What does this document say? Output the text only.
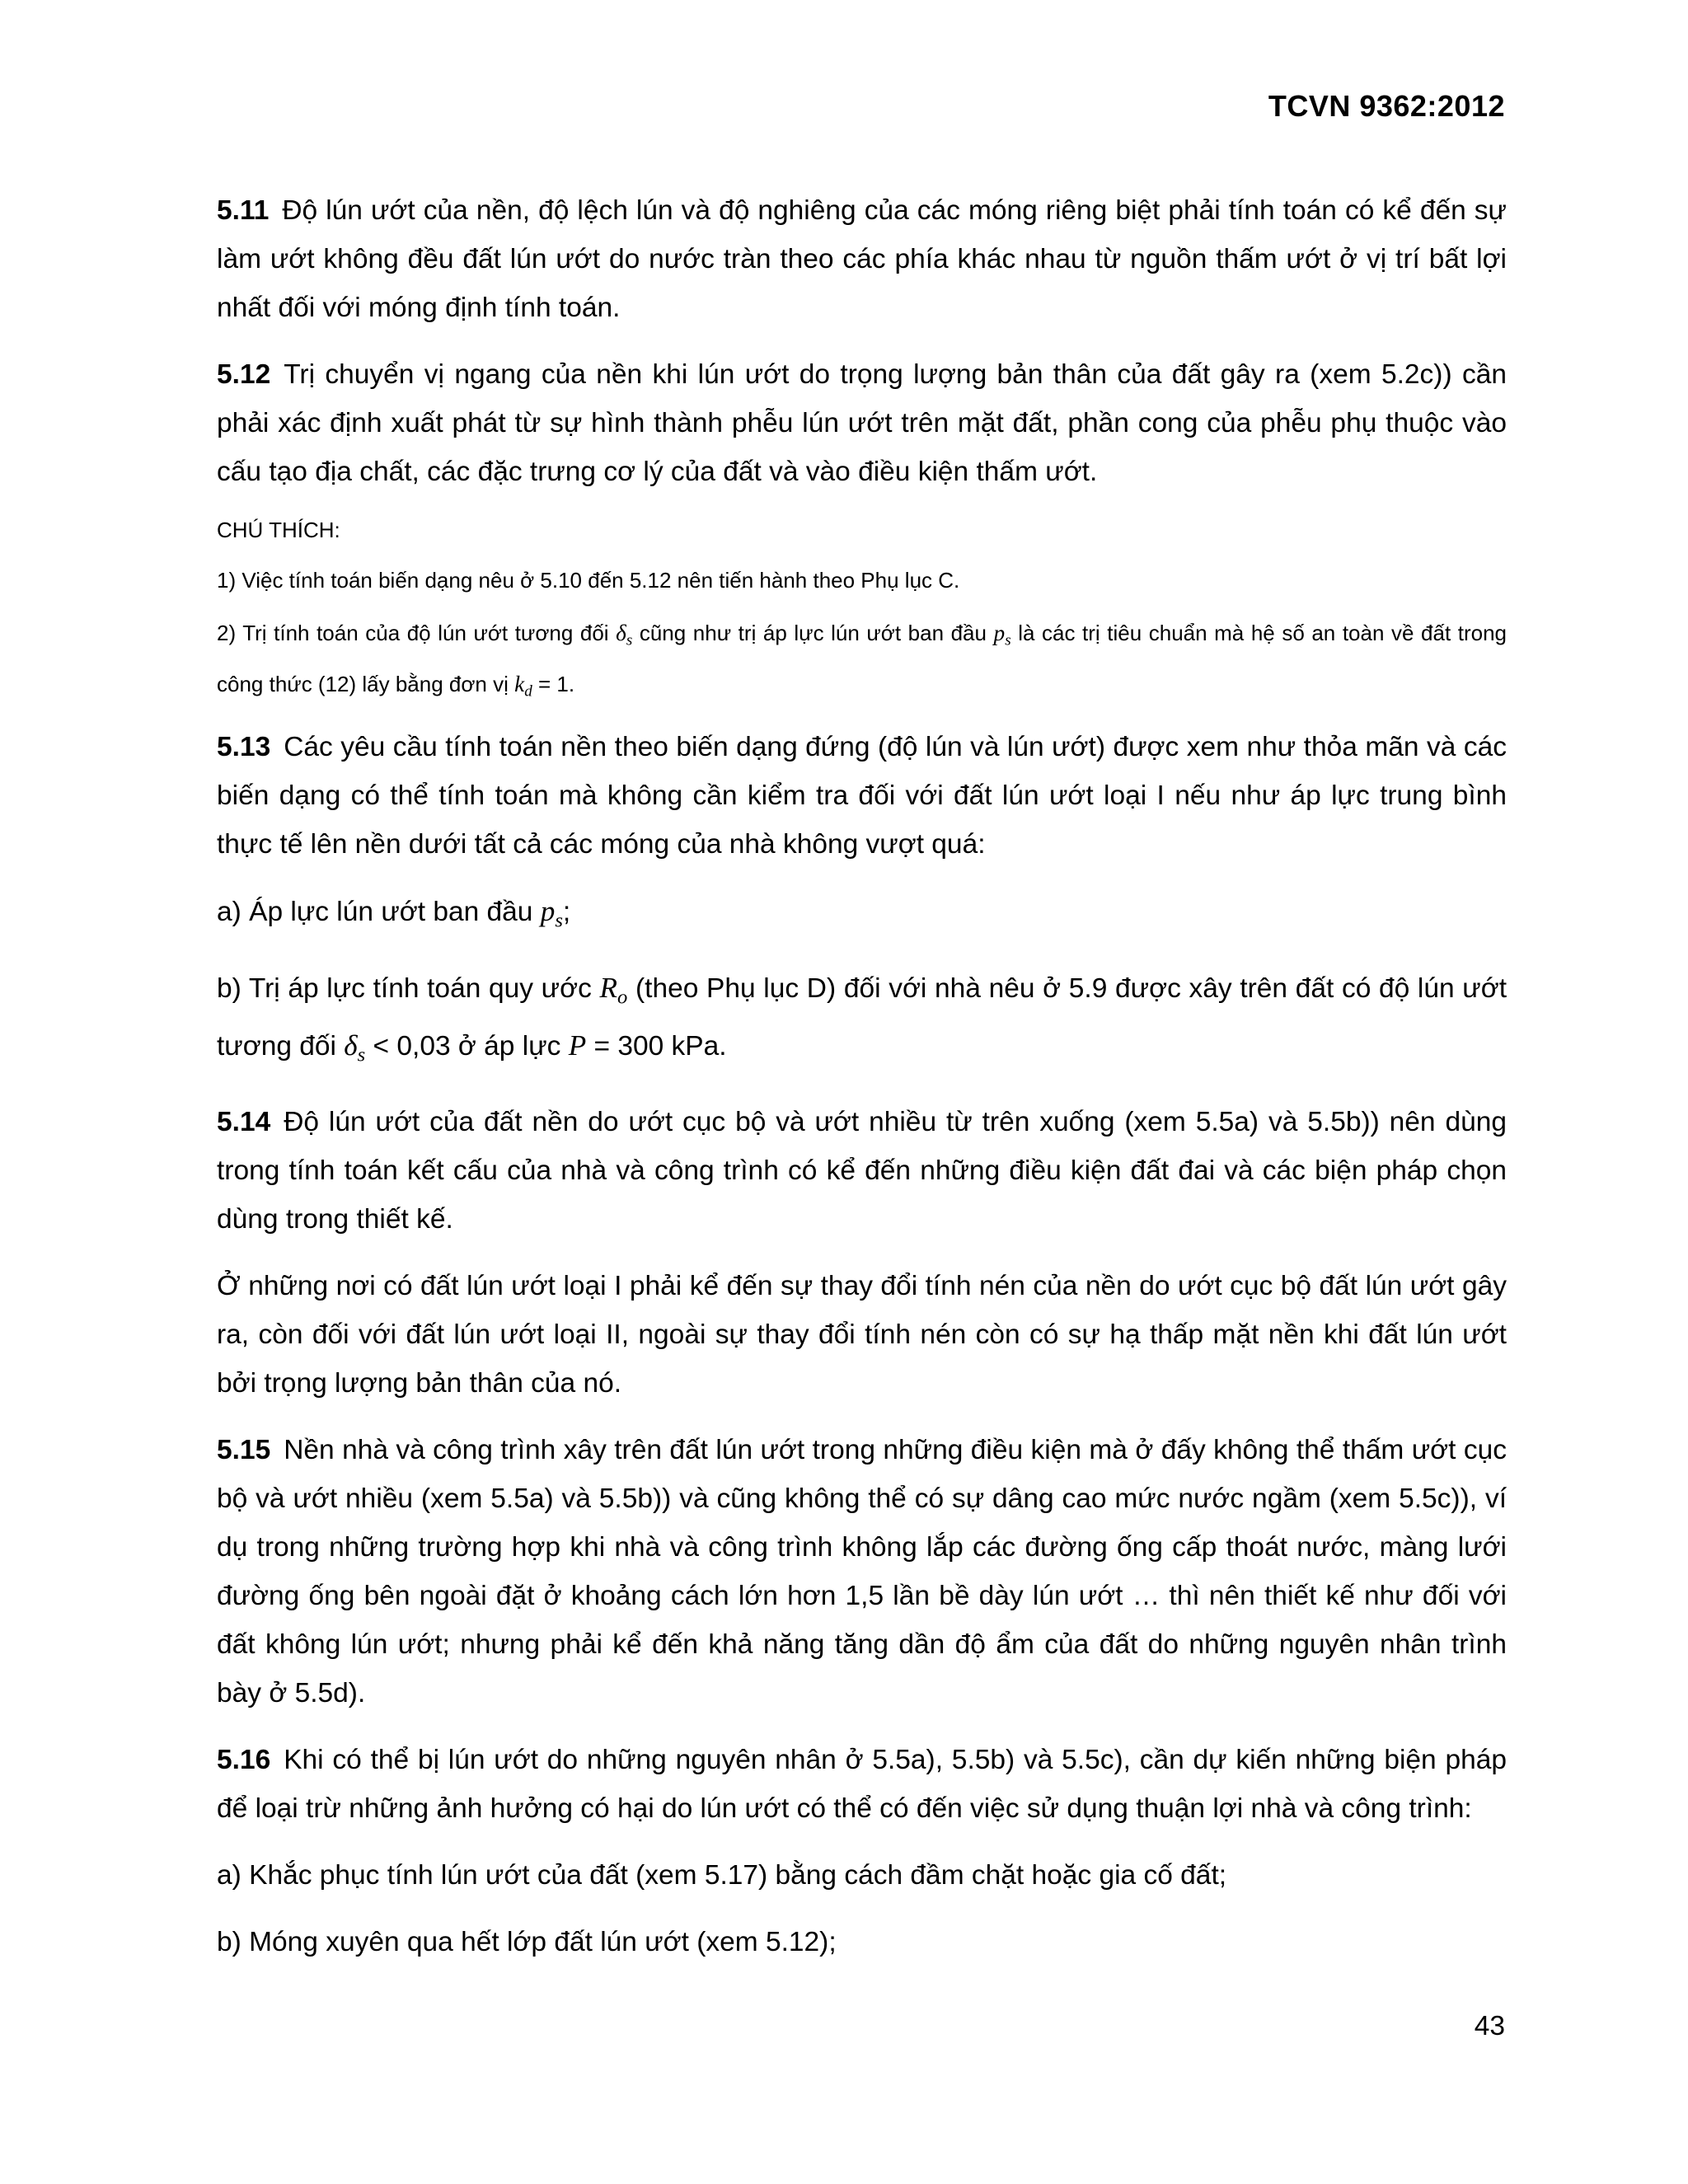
TCVN 9362:2012

5.11 Độ lún ướt của nền, độ lệch lún và độ nghiêng của các móng riêng biệt phải tính toán có kể đến sự làm ướt không đều đất lún ướt do nước tràn theo các phía khác nhau từ nguồn thấm ướt ở vị trí bất lợi nhất đối với móng định tính toán.

5.12 Trị chuyển vị ngang của nền khi lún ướt do trọng lượng bản thân của đất gây ra (xem 5.2c)) cần phải xác định xuất phát từ sự hình thành phễu lún ướt trên mặt đất, phần cong của phễu phụ thuộc vào cấu tạo địa chất, các đặc trưng cơ lý của đất và vào điều kiện thấm ướt.

CHÚ THÍCH:

1) Việc tính toán biến dạng nêu ở 5.10 đến 5.12 nên tiến hành theo Phụ lục C.

2) Trị tính toán của độ lún ướt tương đối $\delta_s$ cũng như trị áp lực lún ướt ban đầu $p_s$ là các trị tiêu chuẩn mà hệ số an toàn về đất trong công thức (12) lấy bằng đơn vị $k_d = 1$.

5.13 Các yêu cầu tính toán nền theo biến dạng đứng (độ lún và lún ướt) được xem như thỏa mãn và các biến dạng có thể tính toán mà không cần kiểm tra đối với đất lún ướt loại I nếu như áp lực trung bình thực tế lên nền dưới tất cả các móng của nhà không vượt quá:

a) Áp lực lún ướt ban đầu $p_s$;

b) Trị áp lực tính toán quy ước $R_o$ (theo Phụ lục D) đối với nhà nêu ở 5.9 được xây trên đất có độ lún ướt tương đối $\delta_s < 0,03$ ở áp lực P = 300 kPa.

5.14 Độ lún ướt của đất nền do ướt cục bộ và ướt nhiều từ trên xuống (xem 5.5a) và 5.5b)) nên dùng trong tính toán kết cấu của nhà và công trình có kể đến những điều kiện đất đai và các biện pháp chọn dùng trong thiết kế.

Ở những nơi có đất lún ướt loại I phải kể đến sự thay đổi tính nén của nền do ướt cục bộ đất lún ướt gây ra, còn đối với đất lún ướt loại II, ngoài sự thay đổi tính nén còn có sự hạ thấp mặt nền khi đất lún ướt bởi trọng lượng bản thân của nó.

5.15 Nền nhà và công trình xây trên đất lún ướt trong những điều kiện mà ở đấy không thể thấm ướt cục bộ và ướt nhiều (xem 5.5a) và 5.5b)) và cũng không thể có sự dâng cao mức nước ngầm (xem 5.5c)), ví dụ trong những trường hợp khi nhà và công trình không lắp các đường ống cấp thoát nước, màng lưới đường ống bên ngoài đặt ở khoảng cách lớn hơn 1,5 lần bề dày lún ướt … thì nên thiết kế như đối với đất không lún ướt; nhưng phải kể đến khả năng tăng dần độ ẩm của đất do những nguyên nhân trình bày ở 5.5d).

5.16 Khi có thể bị lún ướt do những nguyên nhân ở 5.5a), 5.5b) và 5.5c), cần dự kiến những biện pháp để loại trừ những ảnh hưởng có hại do lún ướt có thể có đến việc sử dụng thuận lợi nhà và công trình:

a) Khắc phục tính lún ướt của đất (xem 5.17) bằng cách đầm chặt hoặc gia cố đất;

b) Móng xuyên qua hết lớp đất lún ướt (xem 5.12);

43
